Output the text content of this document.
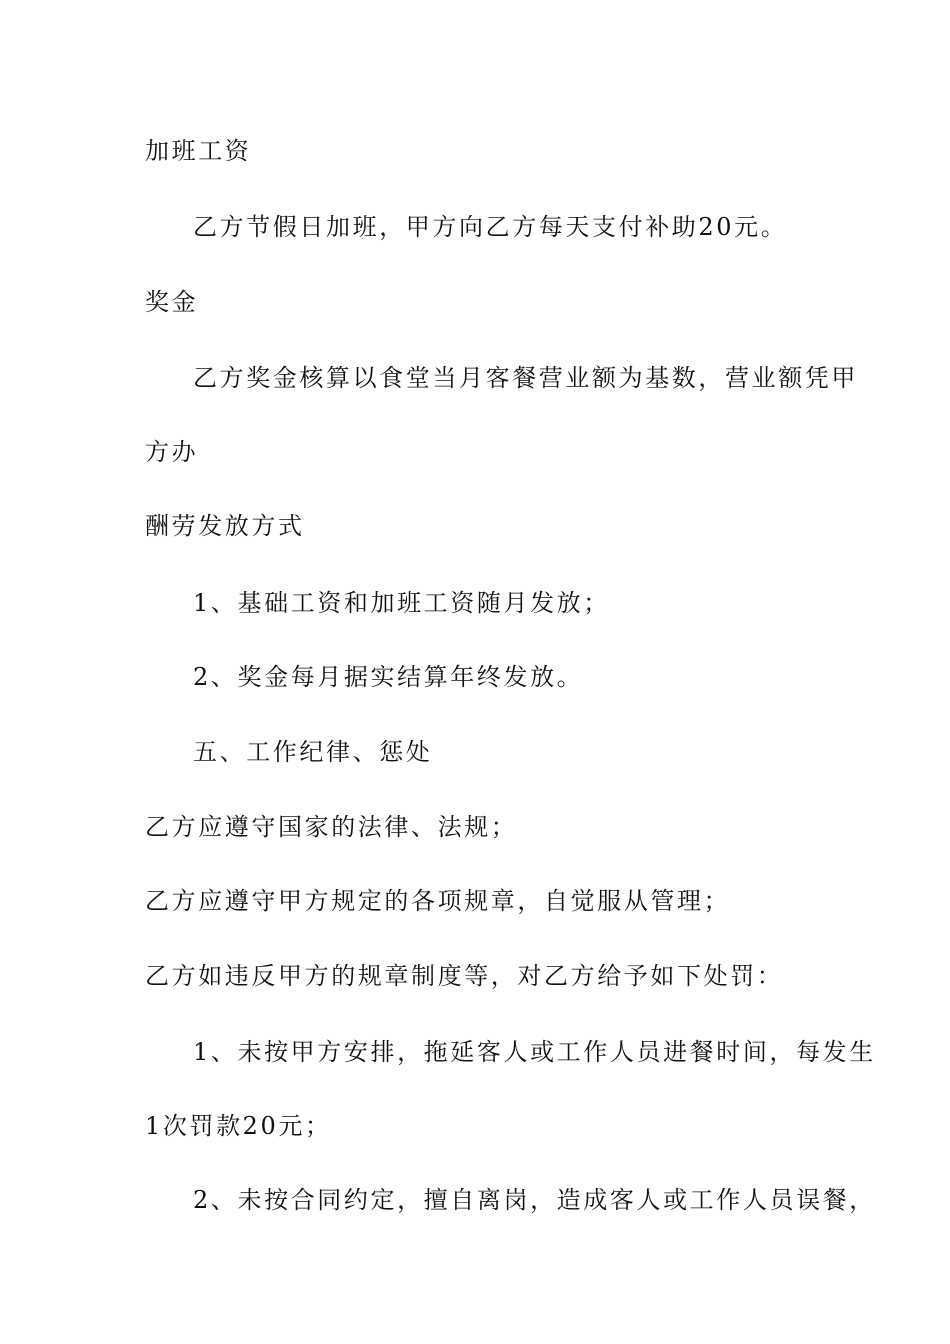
加班工资
乙方节假日加班，甲方向乙方每天支付补助20元。
奖金
乙方奖金核算以食堂当月客餐营业额为基数，营业额凭甲
方办
酬劳发放方式
1、基础工资和加班工资随月发放；
2、奖金每月据实结算年终发放。
五、工作纪律、惩处
乙方应遵守国家的法律、法规；
乙方应遵守甲方规定的各项规章，自觉服从管理；
乙方如违反甲方的规章制度等，对乙方给予如下处罚：
1、未按甲方安排，拖延客人或工作人员进餐时间，每发生
1次罚款20元；
2、未按合同约定，擅自离岗，造成客人或工作人员误餐，
